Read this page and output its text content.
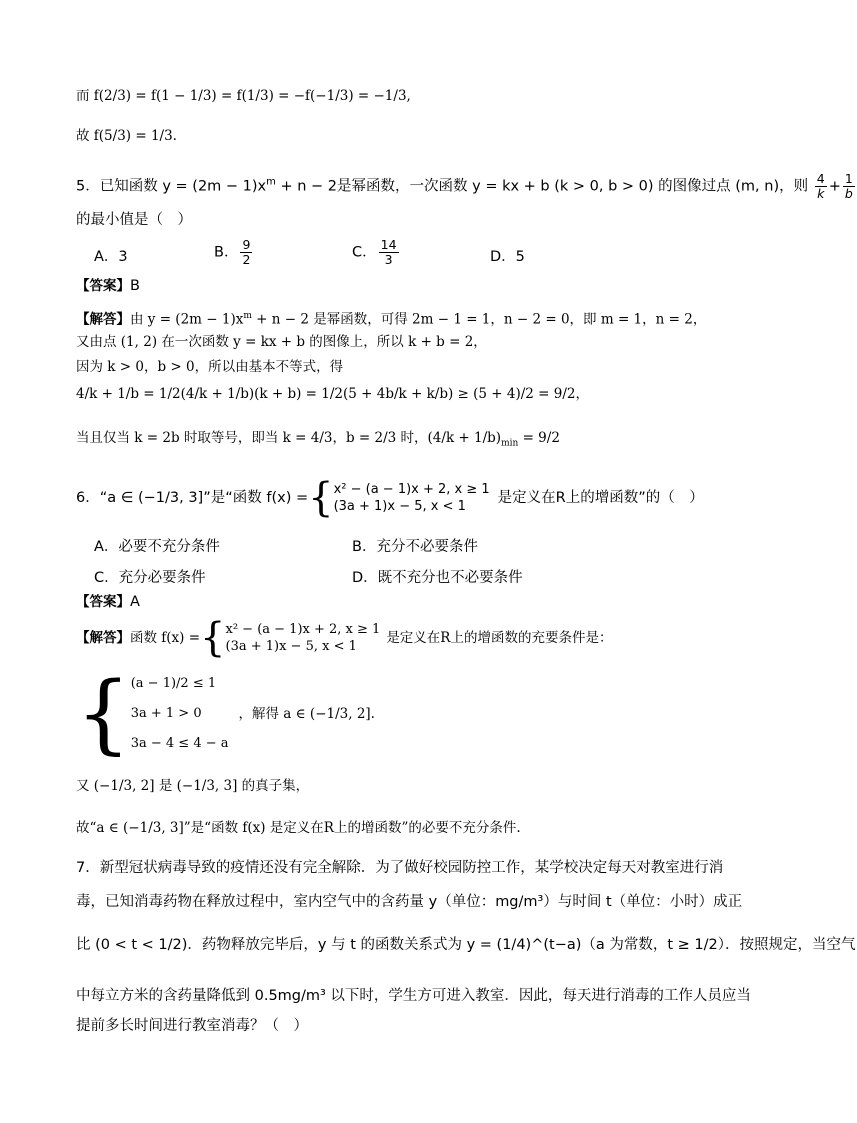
而 f(2/3) = f(1 − 1/3) = f(1/3) = −f(−1/3) = −1/3,
故 f(5/3) = 1/3.
5．已知函数 $y = (2m - 1)x^m + n - 2$是幂函数，一次函数 y = kx + b (k > 0, b > 0) 的图像过点 (m, n)，则 $\frac{4}{k} + \frac{1}{b}$
的最小值是（　）
A．3	B． $\frac{9}{2}$	C． $\frac{14}{3}$	D．5
【答案】B
【解答】由 $y = (2m - 1)x^m + n - 2$ 是幂函数，可得 2m − 1 = 1，n − 2 = 0，即 m = 1，n = 2，
又由点 (1, 2) 在一次函数 y = kx + b 的图像上，所以 k + b = 2，
因为 k > 0，b > 0，所以由基本不等式，得
4/k + 1/b = 1/2(4/k + 1/b)(k + b) = 1/2(5 + 4b/k + k/b) ≥ (5 + 4)/2 = 9/2，
当且仅当 k = 2b 时取等号，即当 k = 4/3，b = 2/3 时，$(4/k + 1/b)_{min} = 9/2$
6．“a ∈ (−1/3, 3]”是“函数 f(x) = { x² − (a − 1)x + 2, x ≥ 1
(3a + 1)x − 5, x < 1
是定义在R上的增函数”的（　）
A．必要不充分条件	B．充分不必要条件
C．充分必要条件	D．既不充分也不必要条件
【答案】A
【解答】 函数 f(x) = { x² − (a − 1)x + 2, x ≥ 1
(3a + 1)x − 5, x < 1
是定义在R上的增函数的充要条件是：
{ (a − 1)/2 ≤ 1
3a + 1 > 0
3a − 4 ≤ 4 − a
，解得 a ∈ (−1/3, 2].
又 (−1/3, 2] 是 (−1/3, 3] 的真子集，
故“a ∈ (−1/3, 3]”是“函数 f(x) 是定义在R上的增函数”的必要不充分条件.
7．新型冠状病毒导致的疫情还没有完全解除．为了做好校园防控工作，某学校决定每天对教室进行消
毒，已知消毒药物在释放过程中，室内空气中的含药量 y（单位：mg/m³）与时间 t（单位：小时）成正
比 (0 < t < 1/2)．药物释放完毕后，y 与 t 的函数关系式为 y = (1/4)^(t−a)（a 为常数，t ≥ 1/2）．按照规定，当空气
中每立方米的含药量降低到 0.5mg/m³ 以下时，学生方可进入教室．因此，每天进行消毒的工作人员应当
提前多长时间进行教室消毒？（　）
